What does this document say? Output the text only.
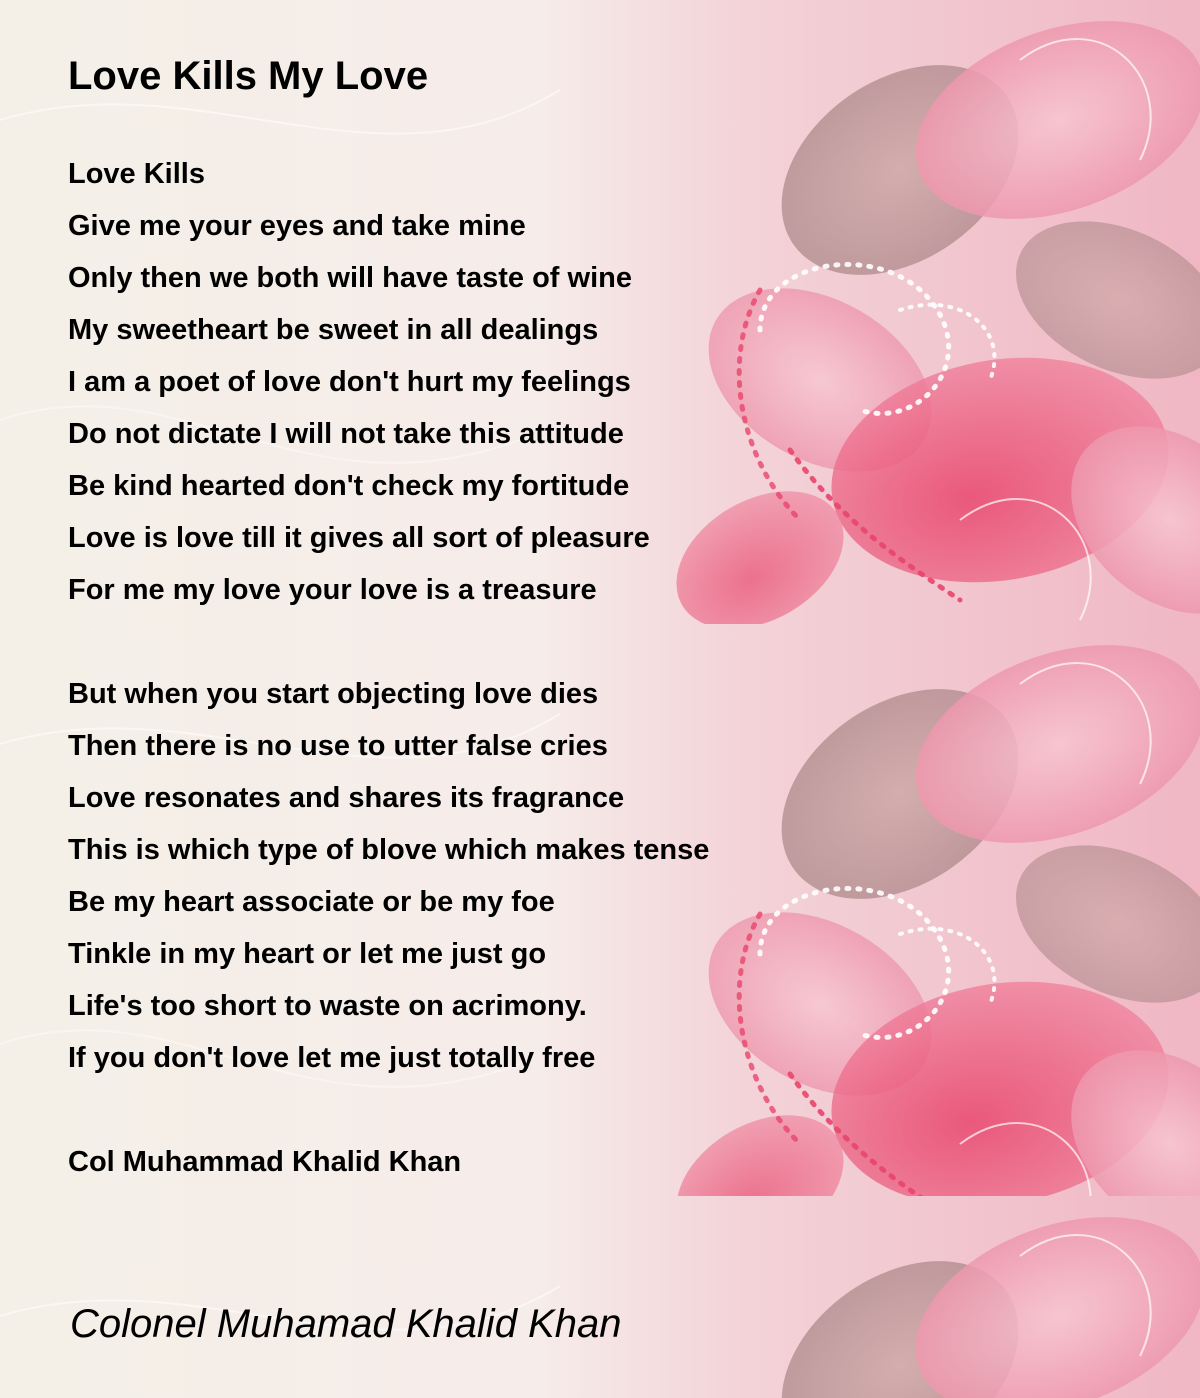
Love Kills My Love
Love Kills
Give me your eyes and take mine
Only then we both will have taste of wine
My sweetheart be sweet in all dealings
I am a poet of love don't hurt my feelings
Do not dictate I will not take this attitude
Be kind hearted don't check my fortitude
Love is love till it gives all sort of pleasure
For me my love your love is a treasure
But when you start objecting love dies
Then there is no use to utter false cries
Love resonates and shares its fragrance
This is which type of blove which makes tense
Be my heart associate or be my foe
Tinkle in my heart or let me just go
Life's too short to waste on acrimony.
If you don't love let me just totally free

Col Muhammad Khalid Khan

Colonel Muhamad Khalid Khan
